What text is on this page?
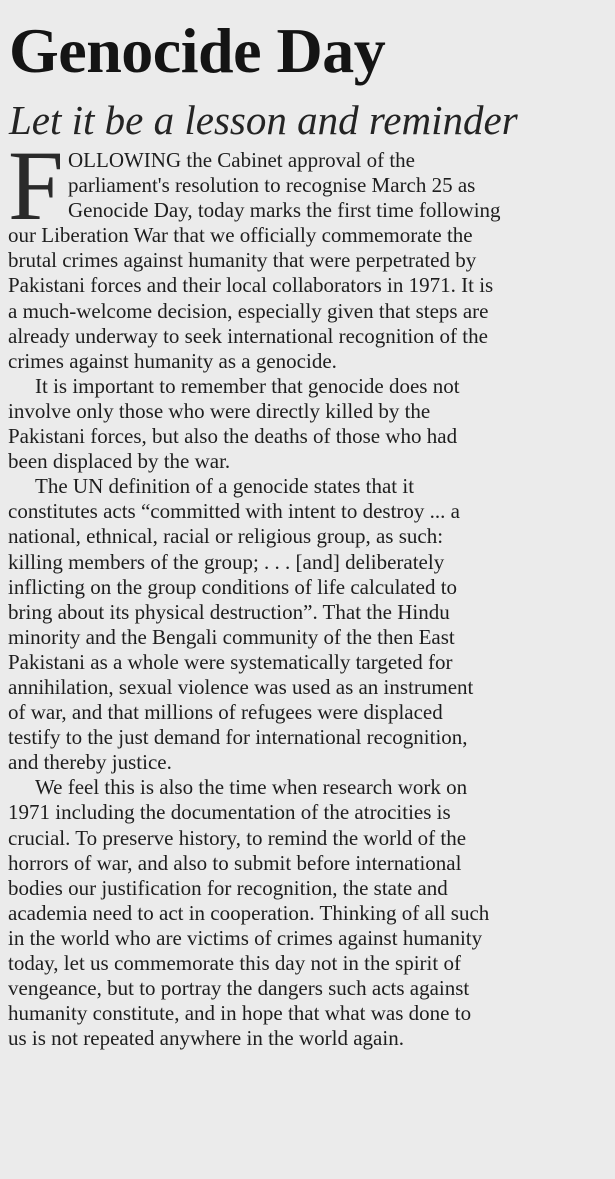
Genocide Day
Let it be a lesson and reminder
F OLLOWING the Cabinet approval of the
parliament's resolution to recognise March 25 as
Genocide Day, today marks the first time following
our Liberation War that we officially commemorate the
brutal crimes against humanity that were perpetrated by
Pakistani forces and their local collaborators in 1971. It is
a much-welcome decision, especially given that steps are
already underway to seek international recognition of the
crimes against humanity as a genocide.
It is important to remember that genocide does not
involve only those who were directly killed by the
Pakistani forces, but also the deaths of those who had
been displaced by the war.
The UN definition of a genocide states that it
constitutes acts “committed with intent to destroy ... a
national, ethnical, racial or religious group, as such:
killing members of the group; . . . [and] deliberately
inflicting on the group conditions of life calculated to
bring about its physical destruction”. That the Hindu
minority and the Bengali community of the then East
Pakistani as a whole were systematically targeted for
annihilation, sexual violence was used as an instrument
of war, and that millions of refugees were displaced
testify to the just demand for international recognition,
and thereby justice.
We feel this is also the time when research work on
1971 including the documentation of the atrocities is
crucial. To preserve history, to remind the world of the
horrors of war, and also to submit before international
bodies our justification for recognition, the state and
academia need to act in cooperation. Thinking of all such
in the world who are victims of crimes against humanity
today, let us commemorate this day not in the spirit of
vengeance, but to portray the dangers such acts against
humanity constitute, and in hope that what was done to
us is not repeated anywhere in the world again.
